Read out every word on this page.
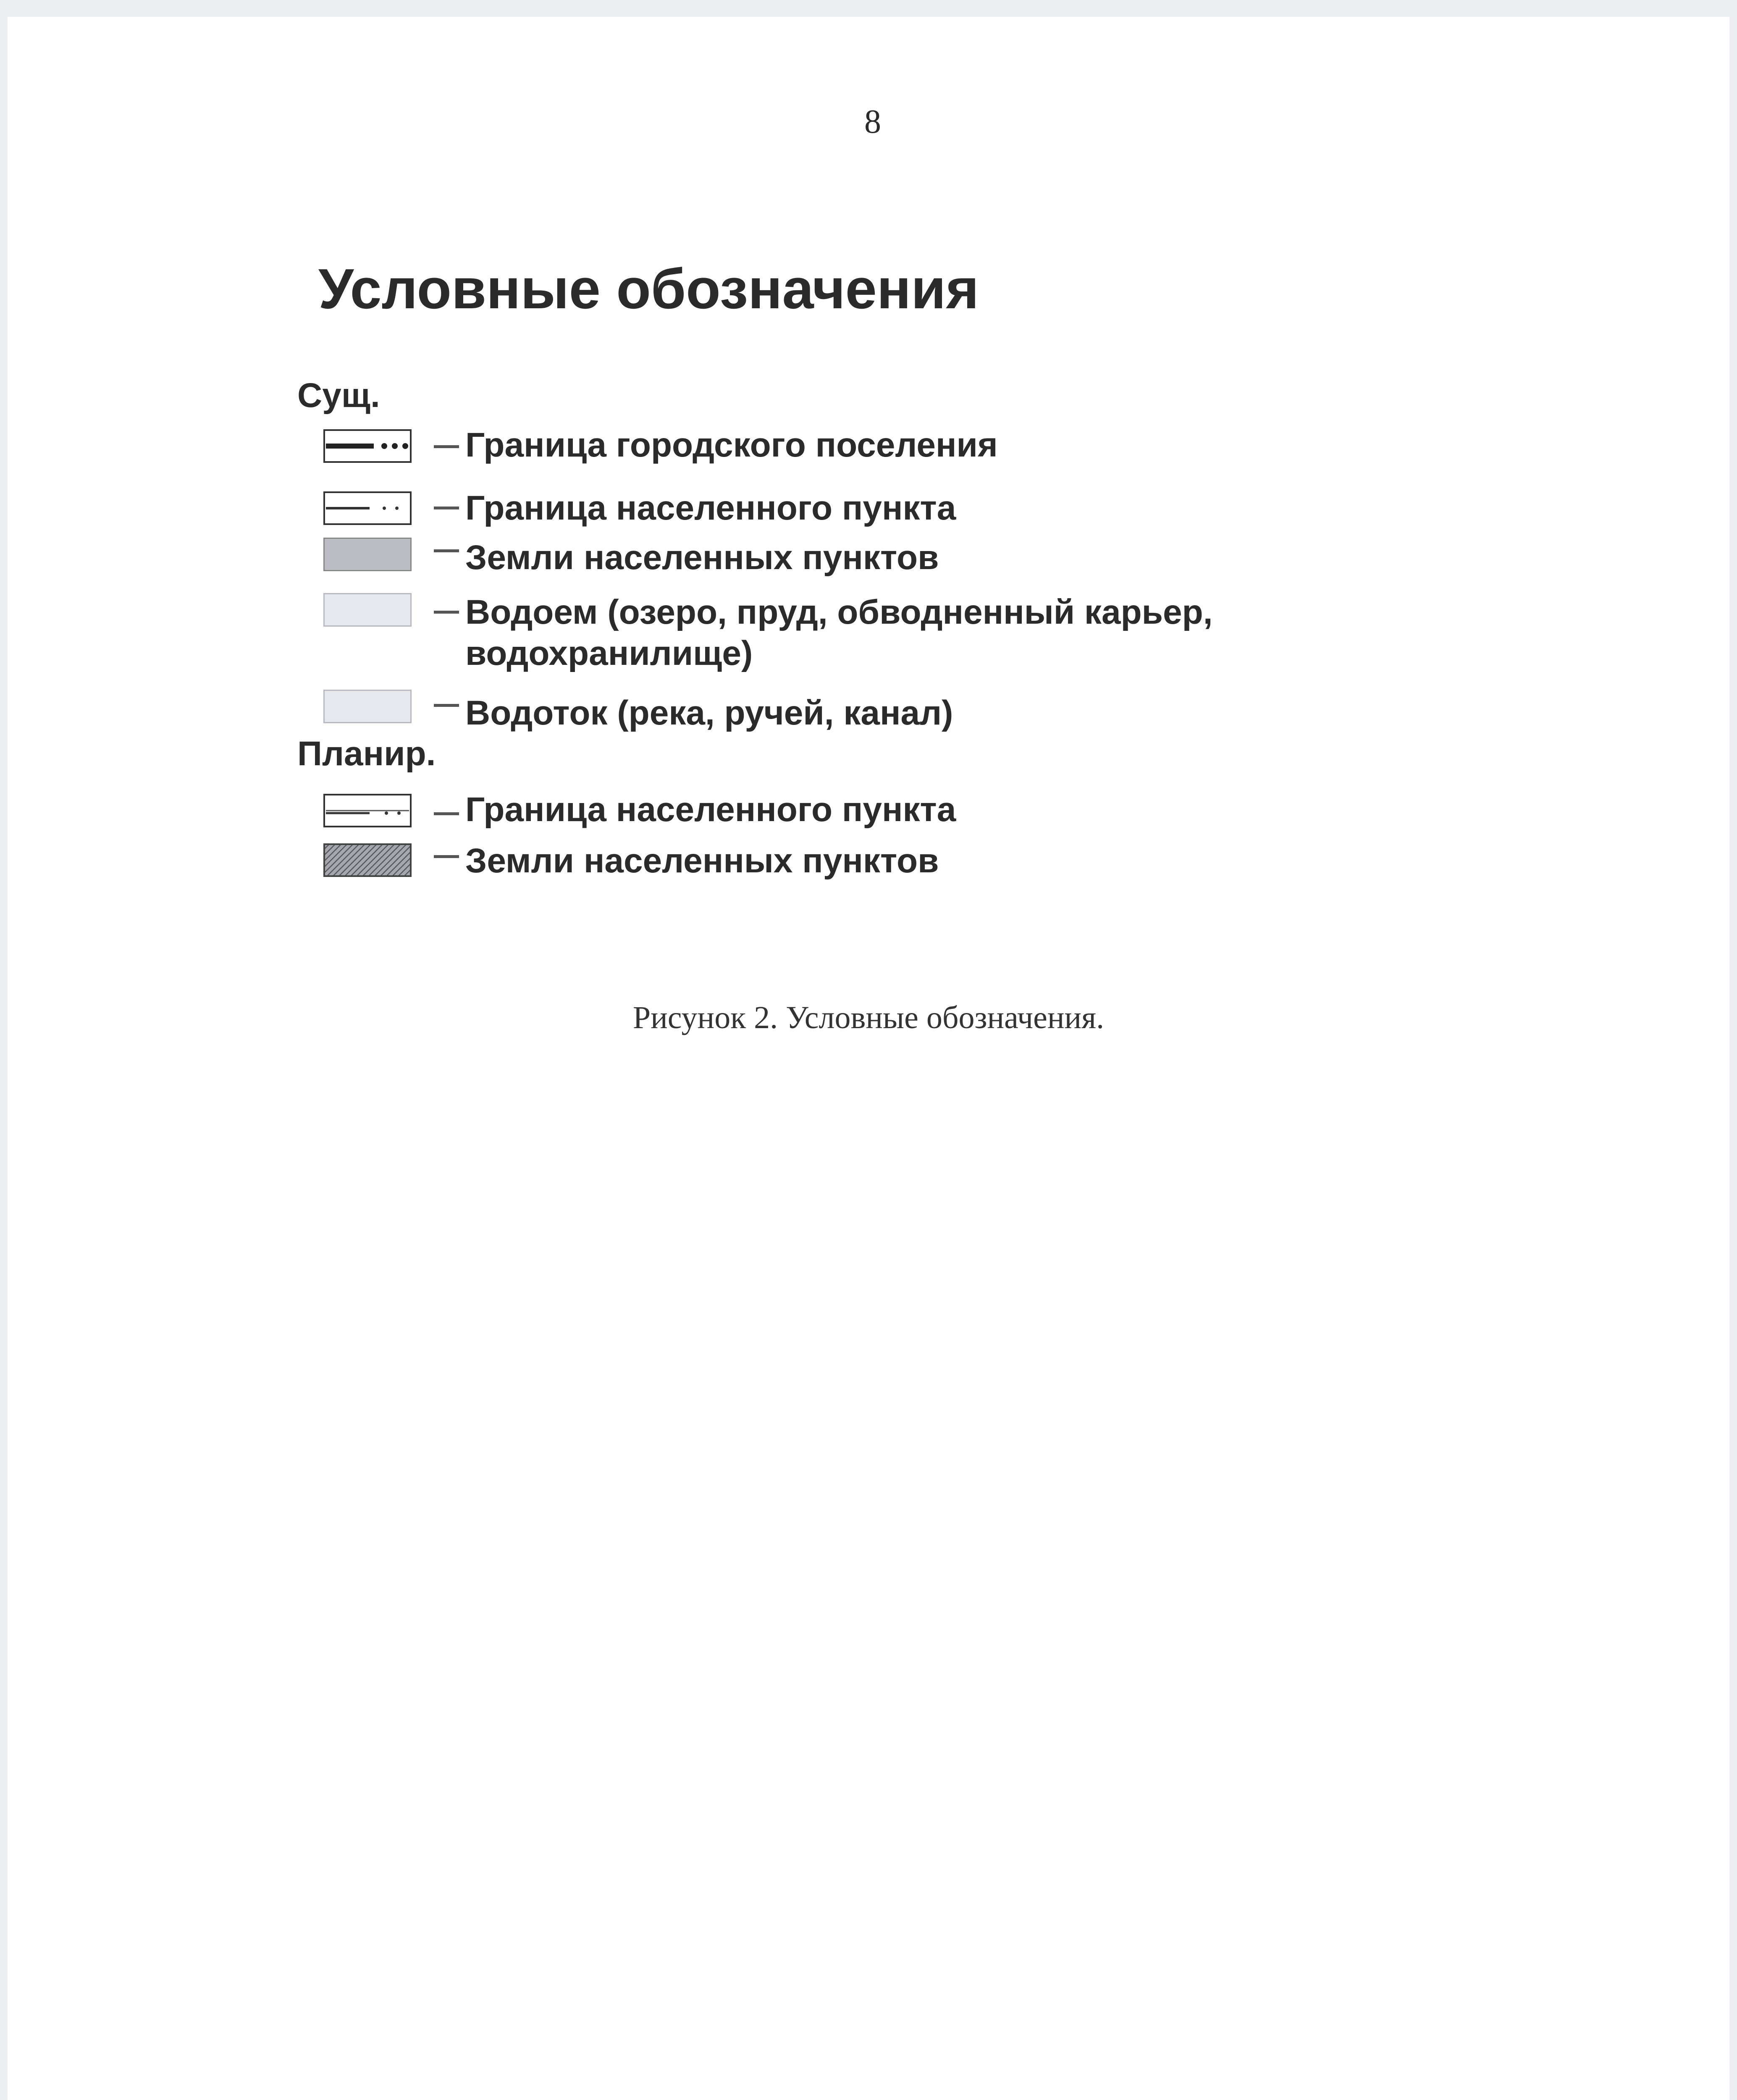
8
Условные обозначения
Сущ.
Граница городского поселения
Граница населенного пункта
Земли населенных пунктов
Водоем (озеро, пруд, обводненный карьер,
водохранилище)
Водоток (река, ручей, канал)
Планир.
Граница населенного пункта
Земли населенных пунктов
Рисунок 2. Условные обозначения.
